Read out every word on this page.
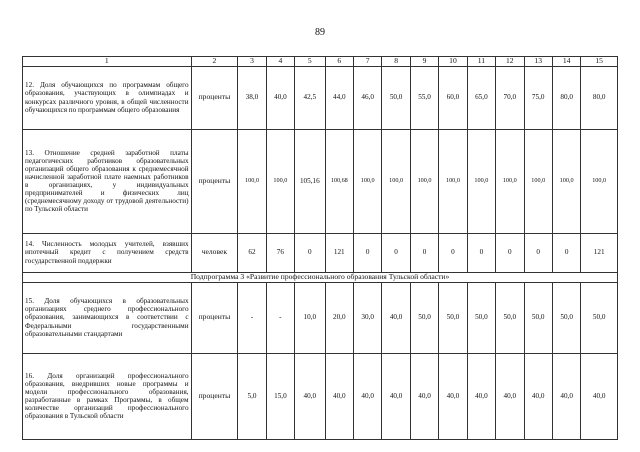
89
1	2	3	4	5	6	7	8	9	10	11	12	13	14	15
12. Доля обучающихся по программам общего образования, участвующих в олимпиадах и конкурсах различного уровня, в общей численности обучающихся по программам общего образования	проценты	38,0	40,0	42,5	44,0	46,0	50,0	55,0	60,0	65,0	70,0	75,0	80,0	80,0
13. Отношение средней заработной платы педагогических работников образовательных организаций общего образования к среднемесячной начисленной заработной плате наемных работников в организациях, у индивидуальных предпринимателей и физических лиц (среднемесячному доходу от трудовой деятельности) по Тульской области	проценты	100,0	100,0	105,16	100,68	100,0	100,0	100,0	100,0	100,0	100,0	100,0	100,0	100,0
14. Численность молодых учителей, взявших ипотечный кредит с получением средств государственной поддержки	человек	62	76	0	121	0	0	0	0	0	0	0	0	121
Подпрограмма 3 «Развитие профессионального образования Тульской области»														
15. Доля обучающихся в образовательных организациях среднего профессионального образования, занимающихся в соответствии с Федеральными государственными образовательными стандартами	проценты	-	-	10,0	20,0	30,0	40,0	50,0	50,0	50,0	50,0	50,0	50,0	50,0
16. Доля организаций профессионального образования, внедривших новые программы и модели профессионального образования, разработанные в рамках Программы, в общем количестве организаций профессионального образования в Тульской области	проценты	5,0	15,0	40,0	40,0	40,0	40,0	40,0	40,0	40,0	40,0	40,0	40,0	40,0
